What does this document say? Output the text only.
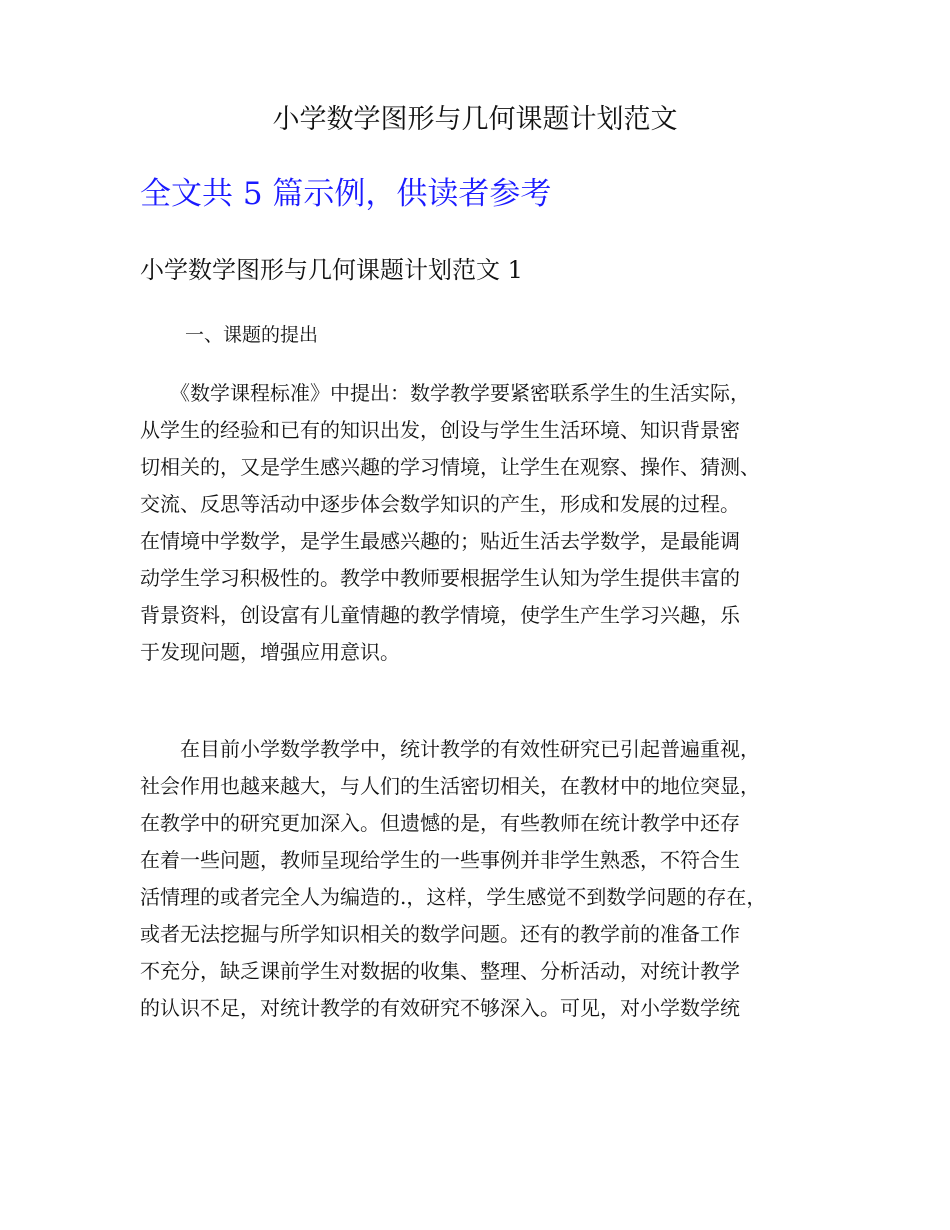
小学数学图形与几何课题计划范文
全文共 5 篇示例，供读者参考
小学数学图形与几何课题计划范文 1
一、课题的提出
　　《数学课程标准》中提出：数学教学要紧密联系学生的生活实际，
从学生的经验和已有的知识出发，创设与学生生活环境、知识背景密
切相关的，又是学生感兴趣的学习情境，让学生在观察、操作、猜测、
交流、反思等活动中逐步体会数学知识的产生，形成和发展的过程。
在情境中学数学，是学生最感兴趣的；贴近生活去学数学，是最能调
动学生学习积极性的。教学中教师要根据学生认知为学生提供丰富的
背景资料，创设富有儿童情趣的教学情境，使学生产生学习兴趣，乐
于发现问题，增强应用意识。
　　在目前小学数学教学中，统计教学的有效性研究已引起普遍重视，
社会作用也越来越大，与人们的生活密切相关，在教材中的地位突显，
在教学中的研究更加深入。但遗憾的是，有些教师在统计教学中还存
在着一些问题，教师呈现给学生的一些事例并非学生熟悉，不符合生
活情理的或者完全人为编造的.，这样，学生感觉不到数学问题的存在，
或者无法挖掘与所学知识相关的数学问题。还有的教学前的准备工作
不充分，缺乏课前学生对数据的收集、整理、分析活动，对统计教学
的认识不足，对统计教学的有效研究不够深入。可见，对小学数学统
